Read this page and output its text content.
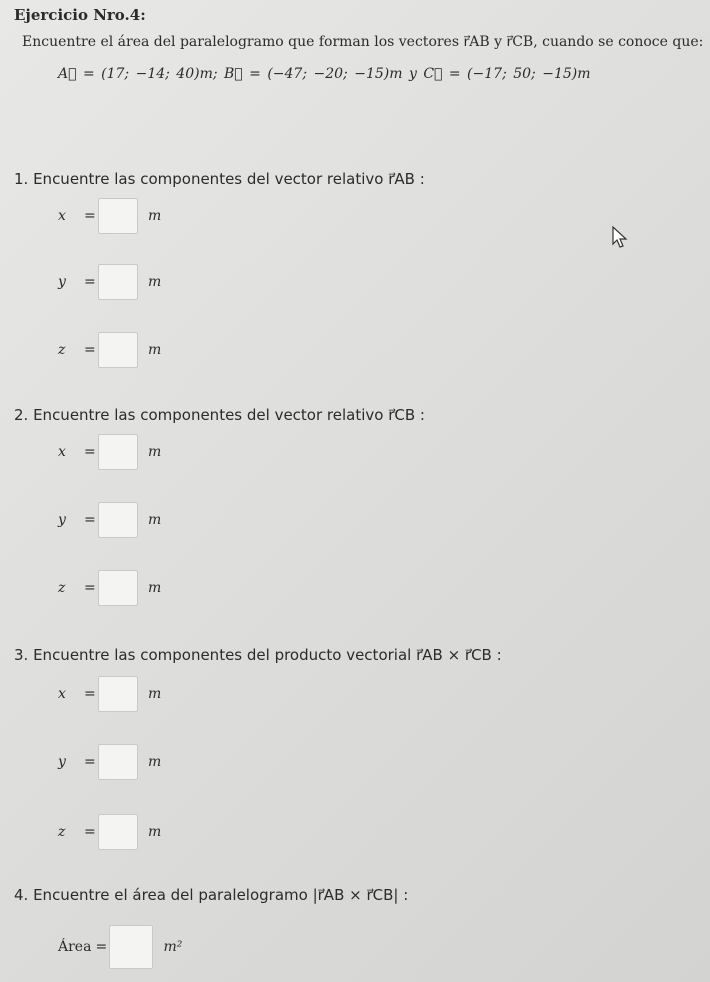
Ejercicio Nro.4:
Encuentre el área del paralelogramo que forman los vectores r⃗AB y r⃗CB, cuando se conoce que:
A⃗ = (17; −14; 40)m; B⃗ = (−47; −20; −15)m y C⃗ = (−17; 50; −15)m
1. Encuentre las componentes del vector relativo r⃗AB :
x	=	m
y	=	m
z	=	m
2. Encuentre las componentes del vector relativo r⃗CB :
x	=	m
y	=	m
z	=	m
3. Encuentre las componentes del producto vectorial r⃗AB × r⃗CB :
x	=	m
y	=	m
z	=	m
4. Encuentre el área del paralelogramo |r⃗AB × r⃗CB| :
Área =	m²
